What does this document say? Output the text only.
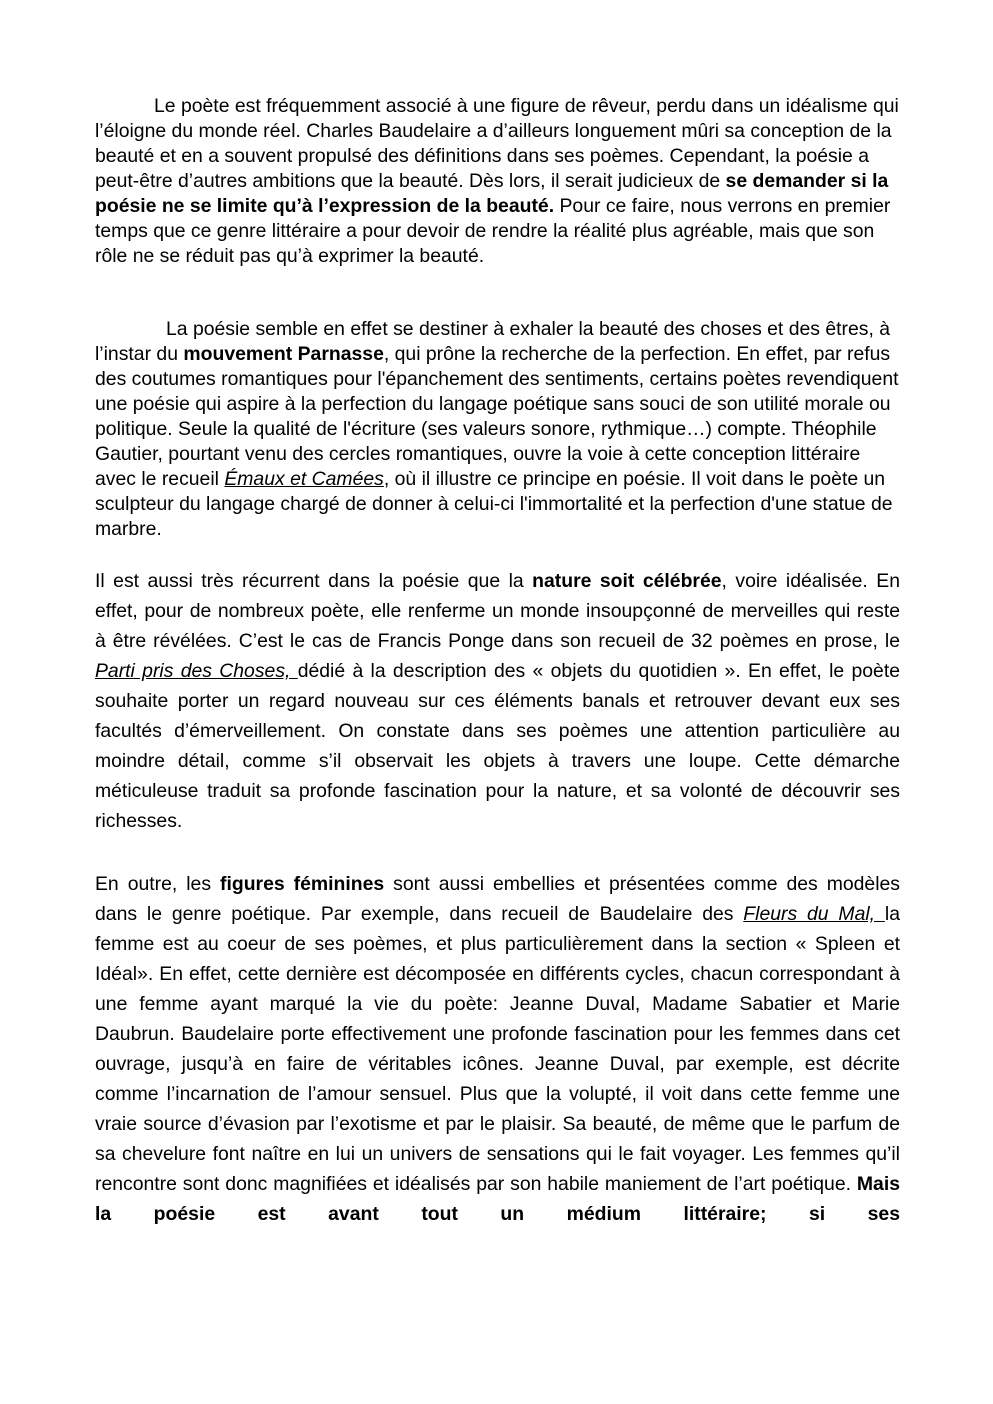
Le poète est fréquemment associé à une figure de rêveur, perdu dans un idéalisme qui l’éloigne du monde réel. Charles Baudelaire a d’ailleurs longuement mûri sa conception de la beauté et en a souvent propulsé des définitions dans ses poèmes. Cependant, la poésie a peut-être d’autres ambitions que la beauté. Dès lors, il serait judicieux de se demander si la poésie ne se limite qu’à l’expression de la beauté. Pour ce faire, nous verrons en premier temps que ce genre littéraire a pour devoir de rendre la réalité plus agréable, mais que son rôle ne se réduit pas qu’à exprimer la beauté.

La poésie semble en effet se destiner à exhaler la beauté des choses et des êtres, à l’instar du mouvement Parnasse, qui prône la recherche de la perfection. En effet, par refus des coutumes romantiques pour l'épanchement des sentiments, certains poètes revendiquent une poésie qui aspire à la perfection du langage poétique sans souci de son utilité morale ou politique. Seule la qualité de l'écriture (ses valeurs sonore, rythmique…) compte. Théophile Gautier, pourtant venu des cercles romantiques, ouvre la voie à cette conception littéraire avec le recueil Émaux et Camées, où il illustre ce principe en poésie. Il voit dans le poète un sculpteur du langage chargé de donner à celui-ci l'immortalité et la perfection d'une statue de marbre.

Il est aussi très récurrent dans la poésie que la nature soit célébrée, voire idéalisée. En effet, pour de nombreux poète, elle renferme un monde insoupçonné de merveilles qui reste à être révélées. C’est le cas de Francis Ponge dans son recueil de 32 poèmes en prose, le Parti pris des Choses, dédié à la description des « objets du quotidien ». En effet, le poète souhaite porter un regard nouveau sur ces éléments banals et retrouver devant eux ses facultés d’émerveillement. On constate dans ses poèmes une attention particulière au moindre détail, comme s’il observait les objets à travers une loupe. Cette démarche méticuleuse traduit sa profonde fascination pour la nature, et sa volonté de découvrir ses richesses.

En outre, les figures féminines sont aussi embellies et présentées comme des modèles dans le genre poétique. Par exemple, dans recueil de Baudelaire des Fleurs du Mal, la femme est au coeur de ses poèmes, et plus particulièrement dans la section « Spleen et Idéal». En effet, cette dernière est décomposée en différents cycles, chacun correspondant à une femme ayant marqué la vie du poète: Jeanne Duval, Madame Sabatier et Marie Daubrun. Baudelaire porte effectivement une profonde fascination pour les femmes dans cet ouvrage, jusqu’à en faire de véritables icônes. Jeanne Duval, par exemple, est décrite comme l’incarnation de l’amour sensuel. Plus que la volupté, il voit dans cette femme une vraie source d’évasion par l’exotisme et par le plaisir. Sa beauté, de même que le parfum de sa chevelure font naître en lui un univers de sensations qui le fait voyager. Les femmes qu’il rencontre sont donc magnifiées et idéalisés par son habile maniement de l’art poétique. Mais la poésie est avant tout un médium littéraire; si ses
